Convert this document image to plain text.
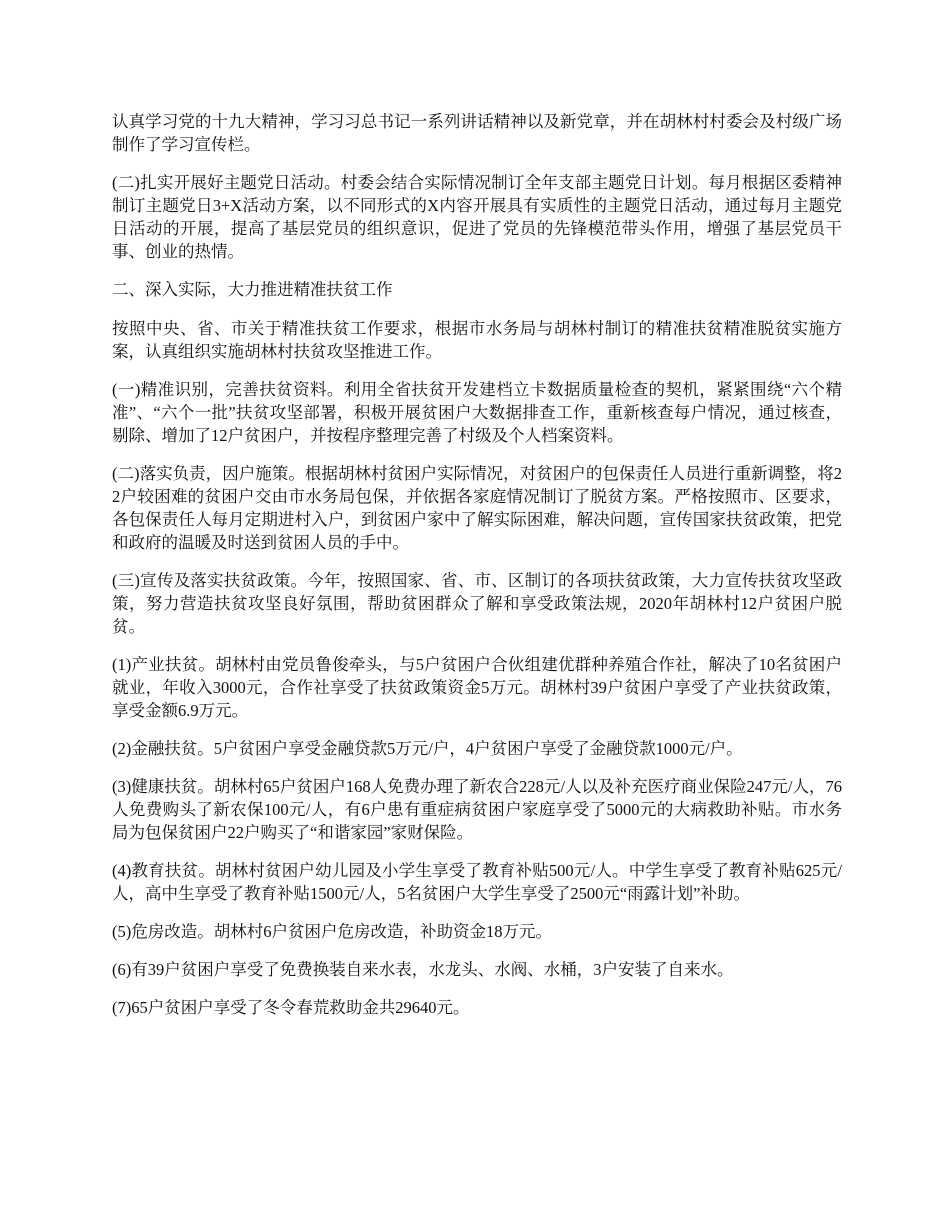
认真学习党的十九大精神，学习习总书记一系列讲话精神以及新党章，并在胡林村村委会及村级广场制作了学习宣传栏。

(二)扎实开展好主题党日活动。村委会结合实际情况制订全年支部主题党日计划。每月根据区委精神制订主题党日3+X活动方案，以不同形式的X内容开展具有实质性的主题党日活动，通过每月主题党日活动的开展，提高了基层党员的组织意识，促进了党员的先锋模范带头作用，增强了基层党员干事、创业的热情。

二、深入实际，大力推进精准扶贫工作

按照中央、省、市关于精准扶贫工作要求，根据市水务局与胡林村制订的精准扶贫精准脱贫实施方案，认真组织实施胡林村扶贫攻坚推进工作。

(一)精准识别，完善扶贫资料。利用全省扶贫开发建档立卡数据质量检查的契机，紧紧围绕“六个精准”、“六个一批”扶贫攻坚部署，积极开展贫困户大数据排查工作，重新核查每户情况，通过核查，剔除、增加了12户贫困户，并按程序整理完善了村级及个人档案资料。

(二)落实负责，因户施策。根据胡林村贫困户实际情况，对贫困户的包保责任人员进行重新调整，将22户较困难的贫困户交由市水务局包保，并依据各家庭情况制订了脱贫方案。严格按照市、区要求，各包保责任人每月定期进村入户，到贫困户家中了解实际困难，解决问题，宣传国家扶贫政策，把党和政府的温暖及时送到贫困人员的手中。

(三)宣传及落实扶贫政策。今年，按照国家、省、市、区制订的各项扶贫政策，大力宣传扶贫攻坚政策，努力营造扶贫攻坚良好氛围，帮助贫困群众了解和享受政策法规，2020年胡林村12户贫困户脱贫。

(1)产业扶贫。胡林村由党员鲁俊牵头，与5户贫困户合伙组建优群种养殖合作社，解决了10名贫困户就业，年收入3000元，合作社享受了扶贫政策资金5万元。胡林村39户贫困户享受了产业扶贫政策，享受金额6.9万元。

(2)金融扶贫。5户贫困户享受金融贷款5万元/户，4户贫困户享受了金融贷款1000元/户。

(3)健康扶贫。胡林村65户贫困户168人免费办理了新农合228元/人以及补充医疗商业保险247元/人，76人免费购头了新农保100元/人，有6户患有重症病贫困户家庭享受了5000元的大病救助补贴。市水务局为包保贫困户22户购买了“和谐家园”家财保险。

(4)教育扶贫。胡林村贫困户幼儿园及小学生享受了教育补贴500元/人。中学生享受了教育补贴625元/人，高中生享受了教育补贴1500元/人，5名贫困户大学生享受了2500元“雨露计划”补助。

(5)危房改造。胡林村6户贫困户危房改造，补助资金18万元。

(6)有39户贫困户享受了免费换装自来水表，水龙头、水阀、水桶，3户安装了自来水。

(7)65户贫困户享受了冬令春荒救助金共29640元。
